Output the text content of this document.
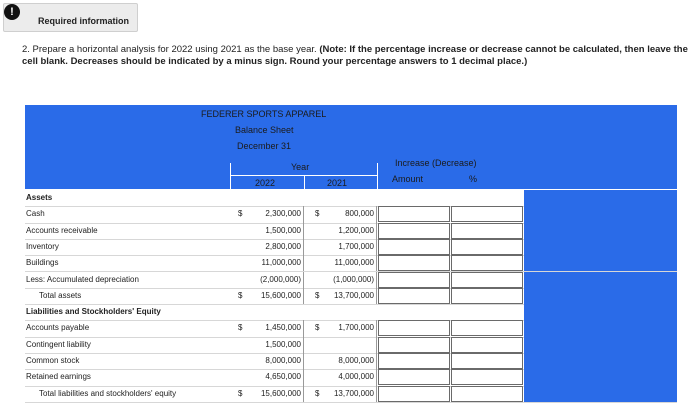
!
Required information
2. Prepare a horizontal analysis for 2022 using 2021 as the base year. (Note: If the percentage increase or decrease cannot be calculated, then leave the cell blank. Decreases should be indicated by a minus sign. Round your percentage answers to 1 decimal place.)
FEDERER SPORTS APPAREL
Balance Sheet
December 31
Year
2022	2021
Increase (Decrease)
Amount	%
Assets
Cash	$	2,300,000	$	800,000
Accounts receivable	1,500,000	1,200,000
Inventory	2,800,000	1,700,000
Buildings	11,000,000	11,000,000
Less: Accumulated depreciation	(2,000,000)	(1,000,000)
Total assets	$	15,600,000	$	13,700,000
Liabilities and Stockholders' Equity
Accounts payable	$	1,450,000	$	1,700,000
Contingent liability	1,500,000
Common stock	8,000,000	8,000,000
Retained earnings	4,650,000	4,000,000
Total liabilities and stockholders' equity	$	15,600,000	$	13,700,000
